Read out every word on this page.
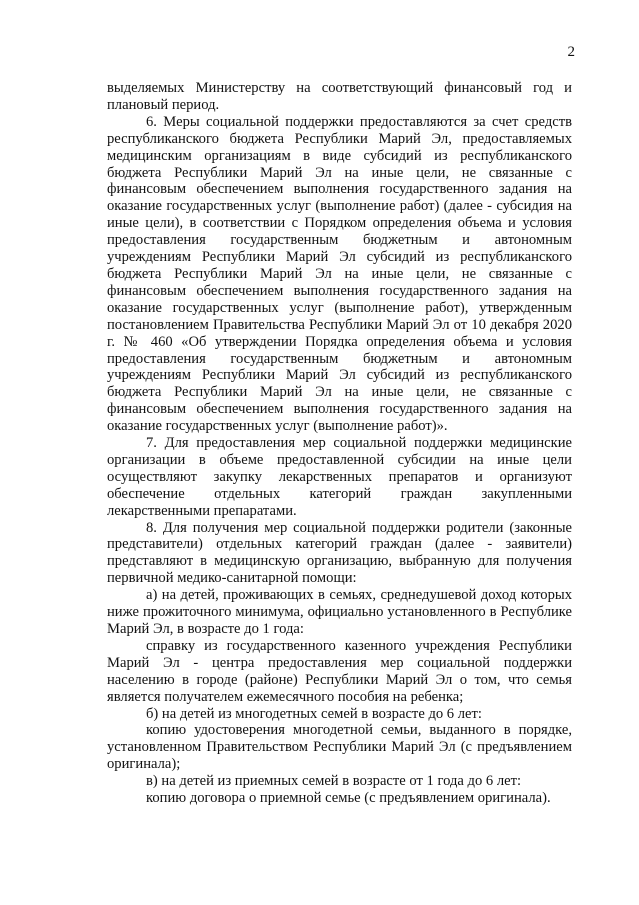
2

выделяемых Министерству на соответствующий финансовый год и плановый период.

6. Меры социальной поддержки предоставляются за счет средств республиканского бюджета Республики Марий Эл, предоставляемых медицинским организациям в виде субсидий из республиканского бюджета Республики Марий Эл на иные цели, не связанные с финансовым обеспечением выполнения государственного задания на оказание государственных услуг (выполнение работ) (далее - субсидия на иные цели), в соответствии с Порядком определения объема и условия предоставления государственным бюджетным и автономным учреждениям Республики Марий Эл субсидий из республиканского бюджета Республики Марий Эл на иные цели, не связанные с финансовым обеспечением выполнения государственного задания на оказание государственных услуг (выполнение работ), утвержденным постановлением Правительства Республики Марий Эл от 10 декабря 2020 г. № 460 «Об утверждении Порядка определения объема и условия предоставления государственным бюджетным и автономным учреждениям Республики Марий Эл субсидий из республиканского бюджета Республики Марий Эл на иные цели, не связанные с финансовым обеспечением выполнения государственного задания на оказание государственных услуг (выполнение работ)».

7. Для предоставления мер социальной поддержки медицинские организации в объеме предоставленной субсидии на иные цели осуществляют закупку лекарственных препаратов и организуют обеспечение отдельных категорий граждан закупленными лекарственными препаратами.

8. Для получения мер социальной поддержки родители (законные представители) отдельных категорий граждан (далее - заявители) представляют в медицинскую организацию, выбранную для получения первичной медико-санитарной помощи:

а) на детей, проживающих в семьях, среднедушевой доход которых ниже прожиточного минимума, официально установленного в Республике Марий Эл, в возрасте до 1 года:

справку из государственного казенного учреждения Республики Марий Эл - центра предоставления мер социальной поддержки населению в городе (районе) Республики Марий Эл о том, что семья является получателем ежемесячного пособия на ребенка;

б) на детей из многодетных семей в возрасте до 6 лет:

копию удостоверения многодетной семьи, выданного в порядке, установленном Правительством Республики Марий Эл (с предъявлением оригинала);

в) на детей из приемных семей в возрасте от 1 года до 6 лет:

копию договора о приемной семье (с предъявлением оригинала).
